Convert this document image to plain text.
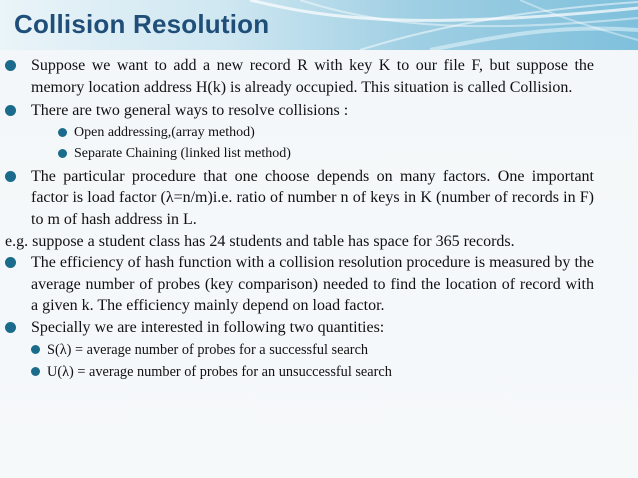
Collision Resolution
Suppose we want to add a new record R with key K to our file F, but suppose the memory location address H(k) is already occupied. This situation is called Collision.
There are two general ways to resolve collisions :
Open addressing,(array method)
Separate Chaining (linked list method)
The particular procedure that one choose depends on many factors. One important factor is load factor (λ=n/m)i.e. ratio of number n of keys in K (number of records in F) to m of hash address in L.
e.g. suppose a student class has 24 students and table has space for 365 records.
The efficiency of hash function with a collision resolution procedure is measured by the average number of probes (key comparison) needed to find the location of record with a given k. The efficiency mainly depend on load factor.
Specially we are interested in following two quantities:
S(λ) = average number of probes for a successful search
U(λ) = average number of probes for an unsuccessful search
